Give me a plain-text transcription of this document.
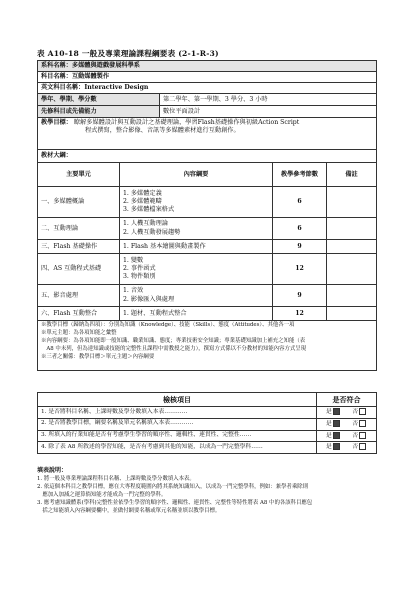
表 A10-18 一般及專業理論課程綱要表 (2-1-R-3)
系科名稱：多媒體與遊戲發展科學系				
科目名稱：互動媒體製作				
英文科目名稱：Interactive Design				
學年、學期、學分數		第二學年、第一學期、3 學分、3 小時		
先修科目或先備能力		數位平面設計		

教學目標： 瞭解多媒體設計與互動設計之基礎理論，學習Flash基礎操作與初級Action Script
程式撰寫，整合影像、音訊等多媒體素材進行互動創作。				

教材大綱：				
主要單元	內容綱要		教學參考節數	備註
一、多媒體概論	1. 多媒體定義
2. 多媒體範疇
3. 多媒體檔案格式		6	
二、互動理論	1. 人機互動理論
2. 人機互動發展趨勢		6	
三、Flash 基礎操作	1. Flash 基本繪圖與動畫製作		9	
四、AS 互動程式基礎	1. 變數
2. 事件函式
3. 物件類別		12	
五、影音處理	1. 音效
2. 影像匯入與處理		9	
六、Flash 互動整合	1. 題材、互動程式整合		12	

※教學目標（歸納為四項）：分別為知識（Knowledge）、技能（Skills）、態度（Attitudes）、其他各一項
※單元主題：為各項知能之彙整
※內容綱要：為各項知能即一般知識、職業知識、態度；專業技術安全知識；專業基礎知識加上補充之知能（表
　A8 中未列，但為達知識或技能的完整性且課程中需教授之能力），撰寫方式係以不分教材的知能內容方式呈現
※三者之關係：教學目標＞單元主題＞內容綱要				
檢核項目	是否符合
1. 是否將科目名稱、上課時數及學分數填入本表…………	是 否

2. 是否將教學目標，綱要名稱及單元名稱填入本表…………	是 否

3. 所填入的行業知能是否有考慮學生學習的順序性、邏輯性、連貫性、完整性……	是 否

4. 除了表 A8 所敘述的學習知能，是否有考慮到其他的知能，以成為一門完整學科……	是 否
填表說明：
1. 將一般及專業理論課程科目名稱、上課時數及學分數填入本表。
2. 依這個本科目之教學目標，應在大專程度範圍內將其系統知識知入，以成為一門完整學科，例如：兼學者乘除則
　應加入加減之運算倘知能才能成為一門完整的學科。
3. 應考慮知識體系(學科)完整性並依學生學習的順序性、邏輯性、連貫性、完整性等特性將表 A8 中的各該科目應包
　括之知能填入內容綱要欄中，並做付網要名稱或單元名稱並填以教學目標。
